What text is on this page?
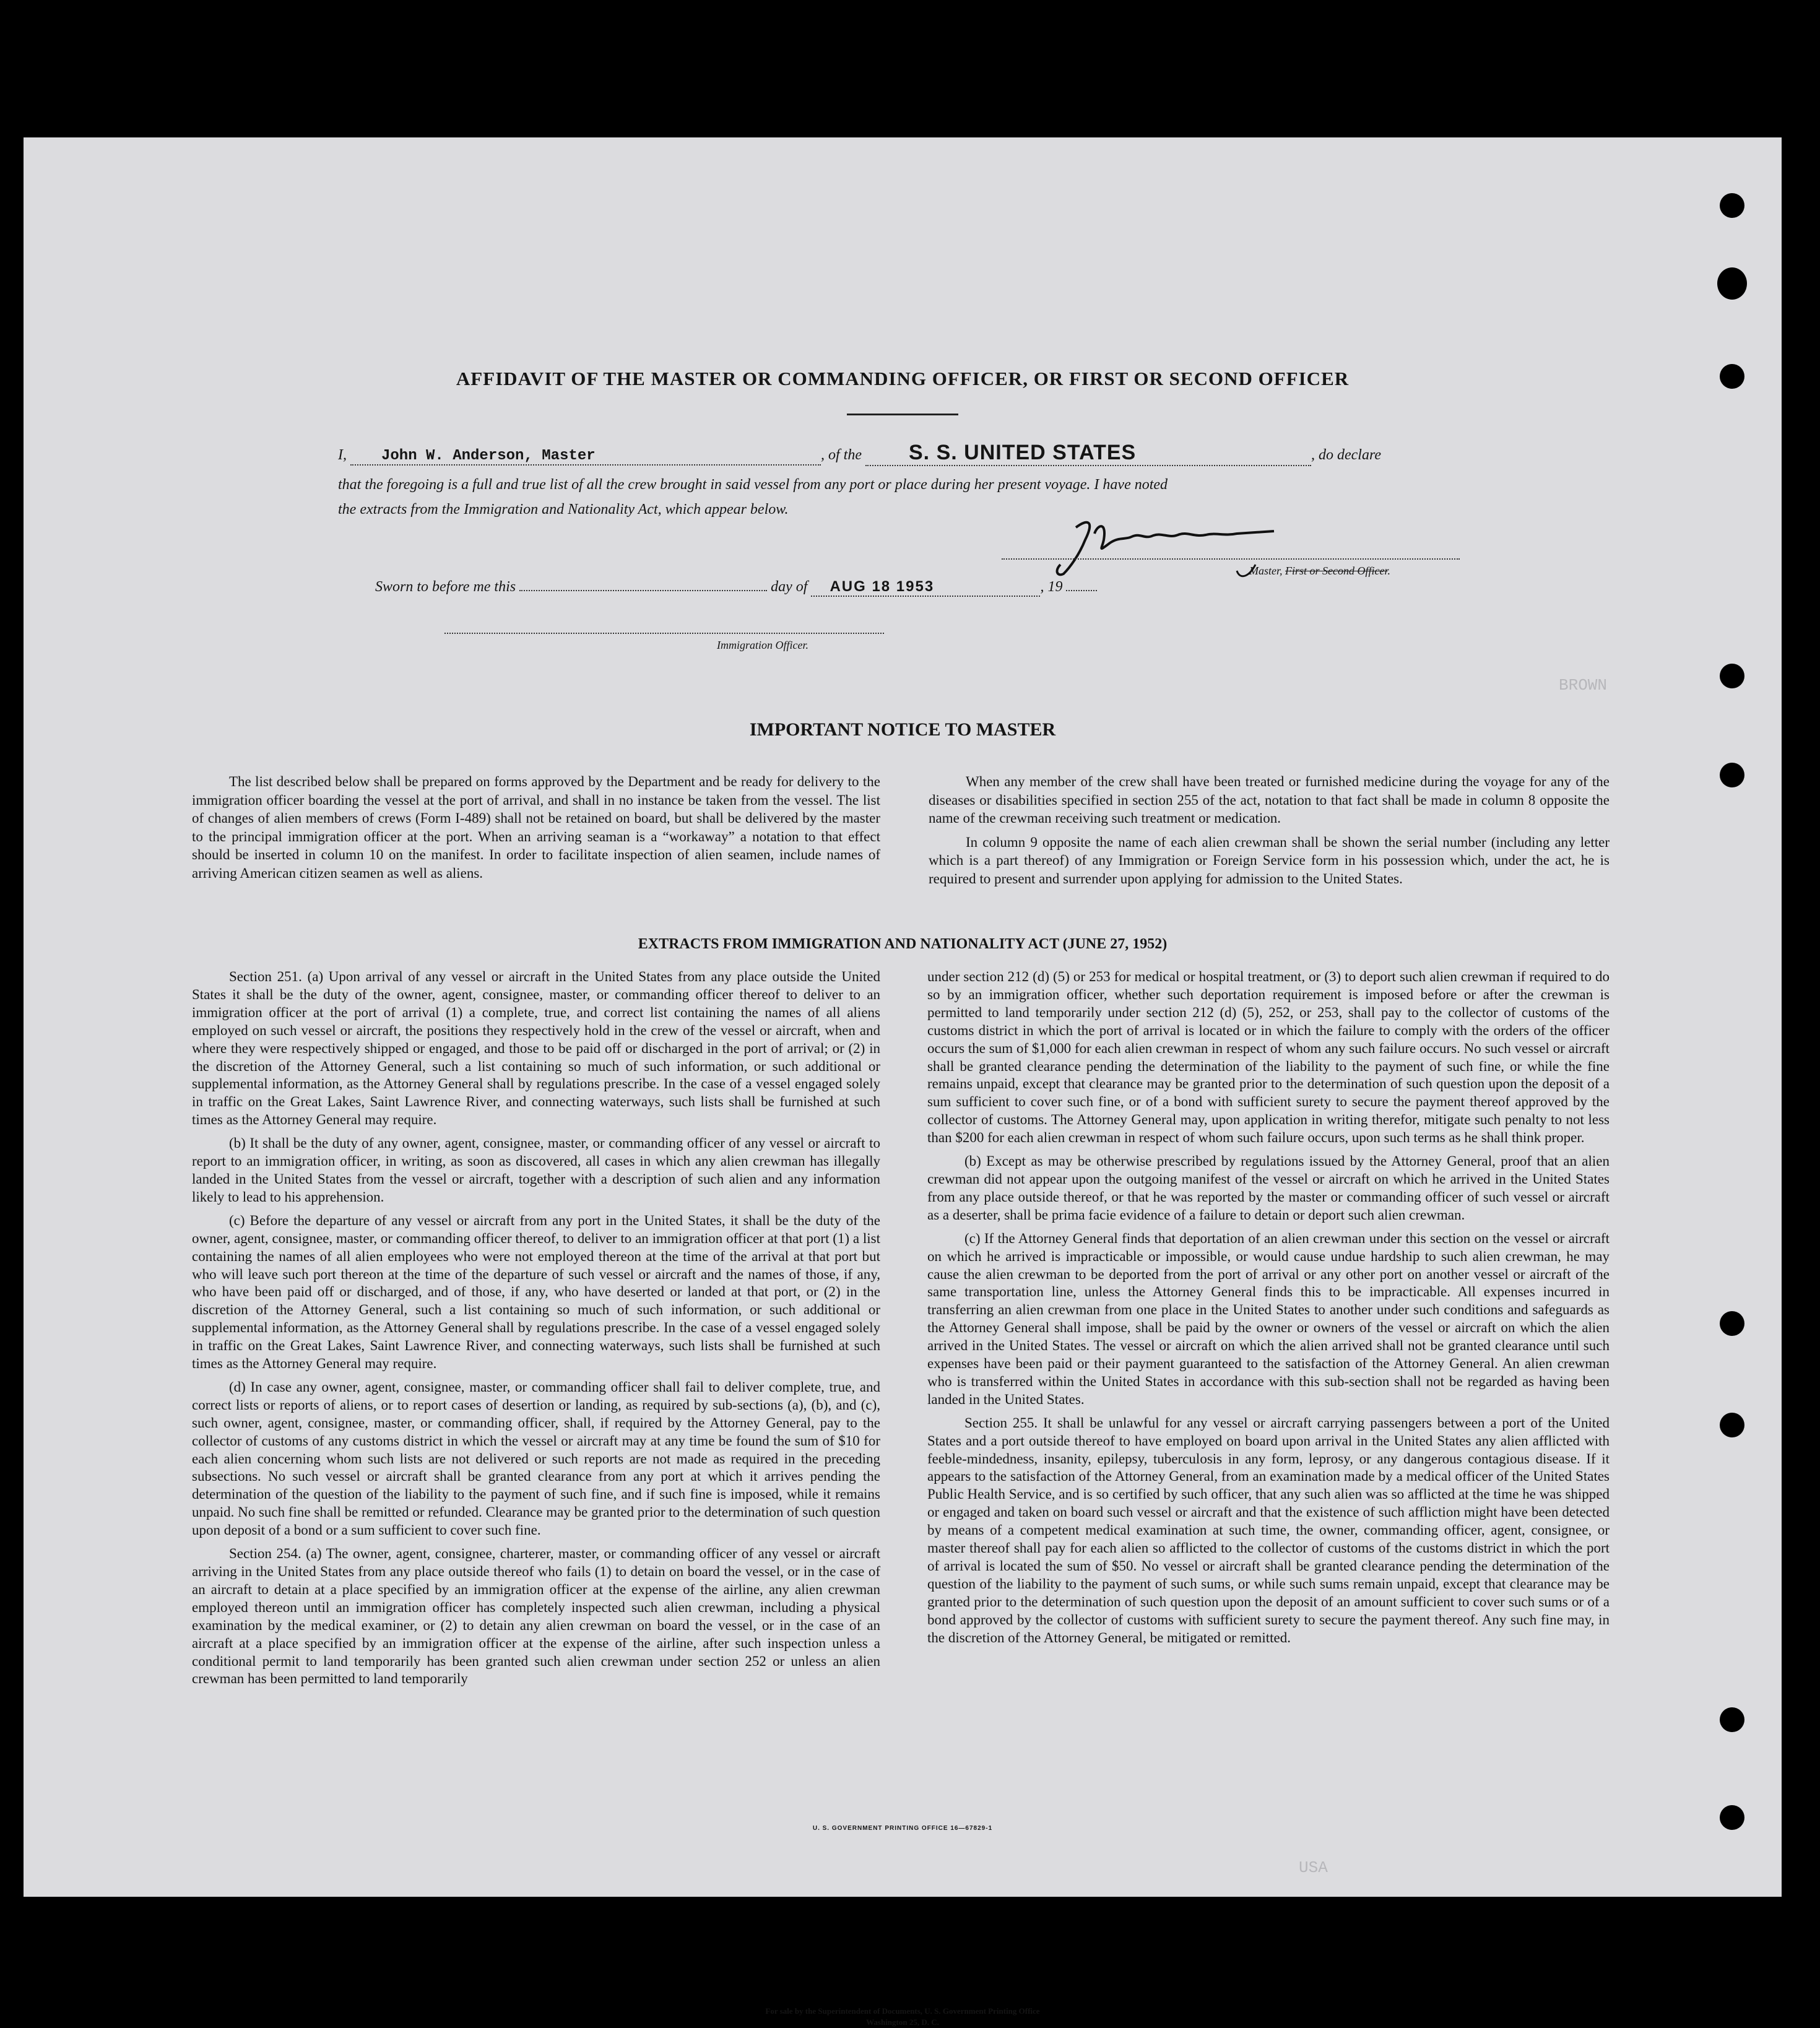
AFFIDAVIT OF THE MASTER OR COMMANDING OFFICER, OR FIRST OR SECOND OFFICER
I, John W. Anderson, Master	, of the S. S. UNITED STATES	, do declare
that the foregoing is a full and true list of all the crew brought in said vessel from any port or place during her present voyage. I have noted
the extracts from the Immigration and Nationality Act, which appear below.
Master, First or Second Officer.
Sworn to before me this	day of AUG 18 1953	, 19
Immigration Officer.
IMPORTANT NOTICE TO MASTER

The list described below shall be prepared on forms approved by the Department and be ready for delivery to the immigration officer boarding the vessel at the port of arrival, and shall in no instance be taken from the vessel. The list of changes of alien members of crews (Form I-489) shall not be retained on board, but shall be delivered by the master to the principal immigration officer at the port. When an arriving seaman is a “workaway” a notation to that effect should be inserted in column 10 on the manifest. In order to facilitate inspection of alien seamen, include names of arriving American citizen seamen as well as aliens.

When any member of the crew shall have been treated or furnished medicine during the voyage for any of the diseases or disabilities specified in section 255 of the act, notation to that fact shall be made in column 8 opposite the name of the crewman receiving such treatment or medication.

In column 9 opposite the name of each alien crewman shall be shown the serial number (including any letter which is a part thereof) of any Immigration or Foreign Service form in his possession which, under the act, he is required to present and surrender upon applying for admission to the United States.

EXTRACTS FROM IMMIGRATION AND NATIONALITY ACT (JUNE 27, 1952)

Section 251. (a) Upon arrival of any vessel or aircraft in the United States from any place outside the United States it shall be the duty of the owner, agent, consignee, master, or commanding officer thereof to deliver to an immigration officer at the port of arrival (1) a complete, true, and correct list containing the names of all aliens employed on such vessel or aircraft, the positions they respectively hold in the crew of the vessel or aircraft, when and where they were respectively shipped or engaged, and those to be paid off or discharged in the port of arrival; or (2) in the discretion of the Attorney General, such a list containing so much of such information, or such additional or supplemental information, as the Attorney General shall by regulations prescribe. In the case of a vessel engaged solely in traffic on the Great Lakes, Saint Lawrence River, and connecting waterways, such lists shall be furnished at such times as the Attorney General may require.

(b) It shall be the duty of any owner, agent, consignee, master, or commanding officer of any vessel or aircraft to report to an immigration officer, in writing, as soon as discovered, all cases in which any alien crewman has illegally landed in the United States from the vessel or aircraft, together with a description of such alien and any information likely to lead to his apprehension.

(c) Before the departure of any vessel or aircraft from any port in the United States, it shall be the duty of the owner, agent, consignee, master, or commanding officer thereof, to deliver to an immigration officer at that port (1) a list containing the names of all alien employees who were not employed thereon at the time of the arrival at that port but who will leave such port thereon at the time of the departure of such vessel or aircraft and the names of those, if any, who have been paid off or discharged, and of those, if any, who have deserted or landed at that port, or (2) in the discretion of the Attorney General, such a list containing so much of such information, or such additional or supplemental information, as the Attorney General shall by regulations prescribe. In the case of a vessel engaged solely in traffic on the Great Lakes, Saint Lawrence River, and connecting waterways, such lists shall be furnished at such times as the Attorney General may require.

(d) In case any owner, agent, consignee, master, or commanding officer shall fail to deliver complete, true, and correct lists or reports of aliens, or to report cases of desertion or landing, as required by sub-sections (a), (b), and (c), such owner, agent, consignee, master, or commanding officer, shall, if required by the Attorney General, pay to the collector of customs of any customs district in which the vessel or aircraft may at any time be found the sum of $10 for each alien concerning whom such lists are not delivered or such reports are not made as required in the preceding subsections. No such vessel or aircraft shall be granted clearance from any port at which it arrives pending the determination of the question of the liability to the payment of such fine, and if such fine is imposed, while it remains unpaid. No such fine shall be remitted or refunded. Clearance may be granted prior to the determination of such question upon deposit of a bond or a sum sufficient to cover such fine.

Section 254. (a) The owner, agent, consignee, charterer, master, or commanding officer of any vessel or aircraft arriving in the United States from any place outside thereof who fails (1) to detain on board the vessel, or in the case of an aircraft to detain at a place specified by an immigration officer at the expense of the airline, any alien crewman employed thereon until an immigration officer has completely inspected such alien crewman, including a physical examination by the medical examiner, or (2) to detain any alien crewman on board the vessel, or in the case of an aircraft at a place specified by an immigration officer at the expense of the airline, after such inspection unless a conditional permit to land temporarily has been granted such alien crewman under section 252 or unless an alien crewman has been permitted to land temporarily

under section 212 (d) (5) or 253 for medical or hospital treatment, or (3) to deport such alien crewman if required to do so by an immigration officer, whether such deportation requirement is imposed before or after the crewman is permitted to land temporarily under section 212 (d) (5), 252, or 253, shall pay to the collector of customs of the customs district in which the port of arrival is located or in which the failure to comply with the orders of the officer occurs the sum of $1,000 for each alien crewman in respect of whom any such failure occurs. No such vessel or aircraft shall be granted clearance pending the determination of the liability to the payment of such fine, or while the fine remains unpaid, except that clearance may be granted prior to the determination of such question upon the deposit of a sum sufficient to cover such fine, or of a bond with sufficient surety to secure the payment thereof approved by the collector of customs. The Attorney General may, upon application in writing therefor, mitigate such penalty to not less than $200 for each alien crewman in respect of whom such failure occurs, upon such terms as he shall think proper.

(b) Except as may be otherwise prescribed by regulations issued by the Attorney General, proof that an alien crewman did not appear upon the outgoing manifest of the vessel or aircraft on which he arrived in the United States from any place outside thereof, or that he was reported by the master or commanding officer of such vessel or aircraft as a deserter, shall be prima facie evidence of a failure to detain or deport such alien crewman.

(c) If the Attorney General finds that deportation of an alien crewman under this section on the vessel or aircraft on which he arrived is impracticable or impossible, or would cause undue hardship to such alien crewman, he may cause the alien crewman to be deported from the port of arrival or any other port on another vessel or aircraft of the same transportation line, unless the Attorney General finds this to be impracticable. All expenses incurred in transferring an alien crewman from one place in the United States to another under such conditions and safeguards as the Attorney General shall impose, shall be paid by the owner or owners of the vessel or aircraft on which the alien arrived in the United States. The vessel or aircraft on which the alien arrived shall not be granted clearance until such expenses have been paid or their payment guaranteed to the satisfaction of the Attorney General. An alien crewman who is transferred within the United States in accordance with this sub-section shall not be regarded as having been landed in the United States.

Section 255. It shall be unlawful for any vessel or aircraft carrying passengers between a port of the United States and a port outside thereof to have employed on board upon arrival in the United States any alien afflicted with feeble-mindedness, insanity, epilepsy, tuberculosis in any form, leprosy, or any dangerous contagious disease. If it appears to the satisfaction of the Attorney General, from an examination made by a medical officer of the United States Public Health Service, and is so certified by such officer, that any such alien was so afflicted at the time he was shipped or engaged and taken on board such vessel or aircraft and that the existence of such affliction might have been detected by means of a competent medical examination at such time, the owner, commanding officer, agent, consignee, or master thereof shall pay for each alien so afflicted to the collector of customs of the customs district in which the port of arrival is located the sum of $50. No vessel or aircraft shall be granted clearance pending the determination of the question of the liability to the payment of such sums, or while such sums remain unpaid, except that clearance may be granted prior to the determination of such question upon the deposit of an amount sufficient to cover such sums or of a bond approved by the collector of customs with sufficient surety to secure the payment thereof. Any such fine may, in the discretion of the Attorney General, be mitigated or remitted.

BROWN
USA
U. S. GOVERNMENT PRINTING OFFICE 16—67829-1
For sale by the Superintendent of Documents, U. S. Government Printing Office
Washington 25, D. C.
